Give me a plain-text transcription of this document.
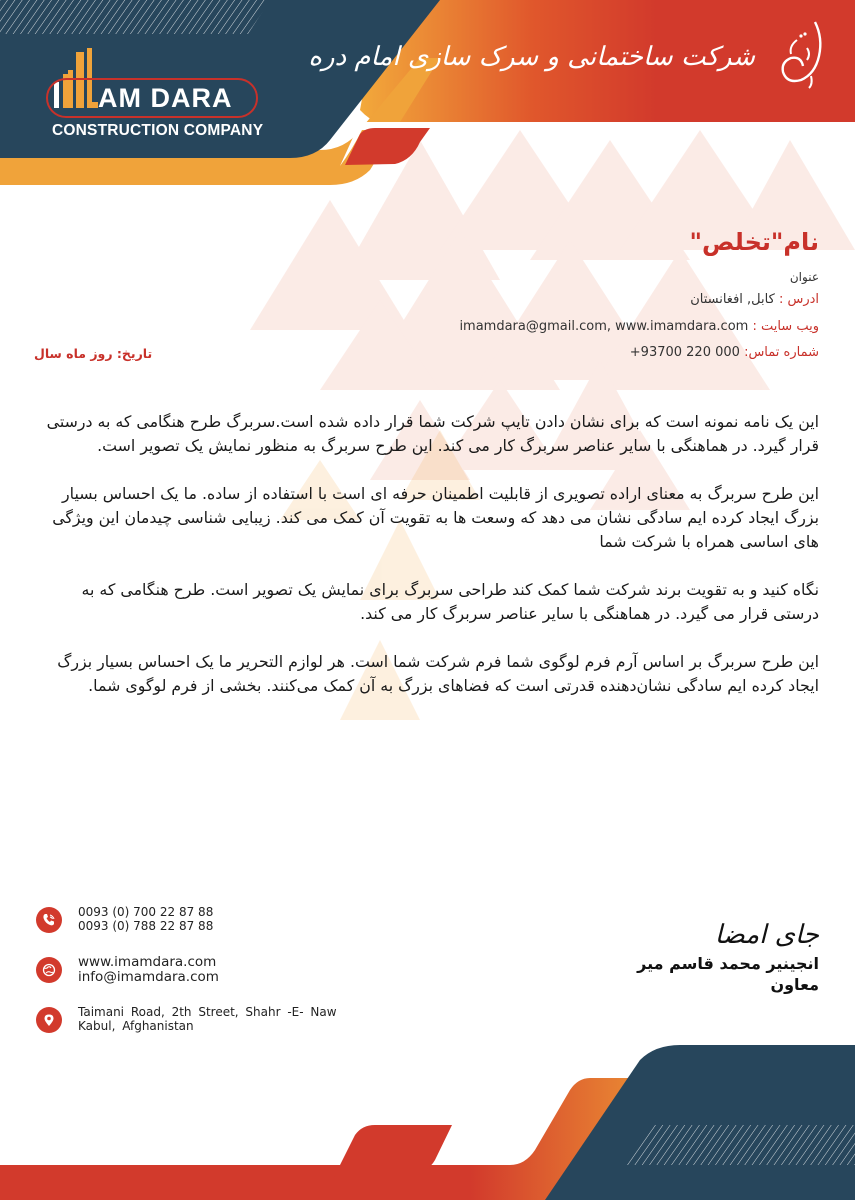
AM DARA
CONSTRUCTION COMPANY
شرکت ساختمانی و سرک سازی امام دره
نام"تخلص"
عنوان
ادرس : کابل, افغانستان
ویب سایت : imamdara@gmail.com, www.imamdara.com
شماره تماس: +93700 220 000
تاریخ: روز ماه سال

این یک نامه نمونه است که برای نشان دادن تایپ شرکت شما قرار داده شده است.سربرگ طرح هنگامی که به درستی قرار گیرد. در هماهنگی با سایر عناصر سربرگ کار می کند. این طرح سربرگ به منظور نمایش یک تصویر است.

این طرح سربرگ به معنای اراده تصویری از قابلیت اطمینان حرفه ای است با استفاده از ساده. ما یک احساس بسیار بزرگ ایجاد کرده ایم سادگی نشان می دهد که وسعت ها به تقویت آن کمک می کند. زیبایی شناسی چیدمان این ویژگی های اساسی همراه با شرکت شما

نگاه کنید و به تقویت برند شرکت شما کمک کند طراحی سربرگ برای نمایش یک تصویر است. طرح هنگامی که به درستی قرار می گیرد. در هماهنگی با سایر عناصر سربرگ کار می کند.

این طرح سربرگ بر اساس آرم فرم لوگوی شما فرم شرکت شما است. هر لوازم التحریر ما یک احساس بسیار بزرگ ایجاد کرده ایم سادگی نشان‌دهنده قدرتی است که فضاهای بزرگ به آن کمک می‌کنند. بخشی از فرم لوگوی شما.

0093 (0) 700 22 87 88
0093 (0) 788 22 87 88
www.imamdara.com
info@imamdara.com
Taimani Road, 2th Street, Shahr -E- Naw
Kabul, Afghanistan
جای امضا
انجینیر محمد قاسم میر
معاون
